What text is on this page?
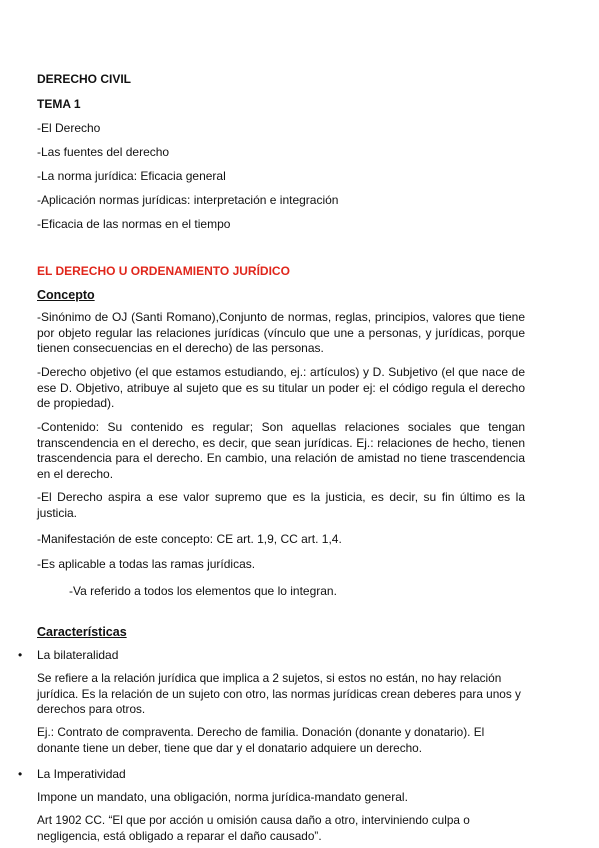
DERECHO CIVIL
TEMA 1
-El Derecho
-Las fuentes del derecho
-La norma jurídica: Eficacia general
-Aplicación normas jurídicas: interpretación e integración
-Eficacia de las normas en el tiempo
EL DERECHO U ORDENAMIENTO JURÍDICO
Concepto
-Sinónimo de OJ (Santi Romano),Conjunto de normas, reglas, principios, valores que tiene por objeto regular las relaciones jurídicas (vínculo que une a personas, y jurídicas, porque tienen consecuencias en el derecho) de las personas.
-Derecho objetivo (el que estamos estudiando, ej.: artículos) y D. Subjetivo (el que nace de ese D. Objetivo, atribuye al sujeto que es su titular un poder ej: el código regula el derecho de propiedad).
-Contenido: Su contenido es regular; Son aquellas relaciones sociales que tengan transcendencia en el derecho, es decir, que sean jurídicas. Ej.: relaciones de hecho, tienen trascendencia para el derecho. En cambio, una relación de amistad no tiene trascendencia en el derecho.
-El Derecho aspira a ese valor supremo que es la justicia, es decir, su fin último es la justicia.
-Manifestación de este concepto: CE art. 1,9, CC art. 1,4.
-Es aplicable a todas las ramas jurídicas.
-Va referido a todos los elementos que lo integran.
Características
• La bilateralidad
Se refiere a la relación jurídica que implica a 2 sujetos, si estos no están, no hay relación jurídica. Es la relación de un sujeto con otro, las normas jurídicas crean deberes para unos y derechos para otros.
Ej.: Contrato de compraventa. Derecho de familia. Donación (donante y donatario). El donante tiene un deber, tiene que dar y el donatario adquiere un derecho.
• La Imperatividad
Impone un mandato, una obligación, norma jurídica-mandato general.
Art 1902 CC. “El que por acción u omisión causa daño a otro, interviniendo culpa o negligencia, está obligado a reparar el daño causado”.
